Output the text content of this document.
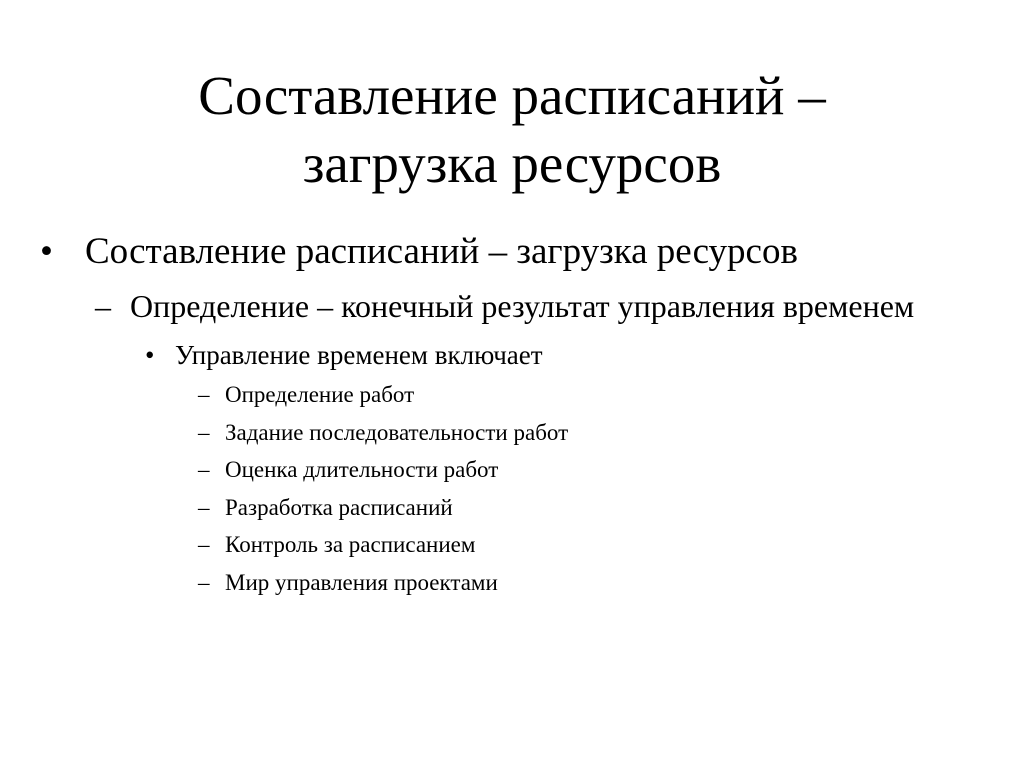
Составление расписаний –
загрузка ресурсов
• Составление расписаний – загрузка ресурсов
– Определение – конечный результат управления временем
• Управление временем включает
– Определение работ
– Задание последовательности работ
– Оценка длительности работ
– Разработка расписаний
– Контроль за расписанием
– Мир управления проектами
